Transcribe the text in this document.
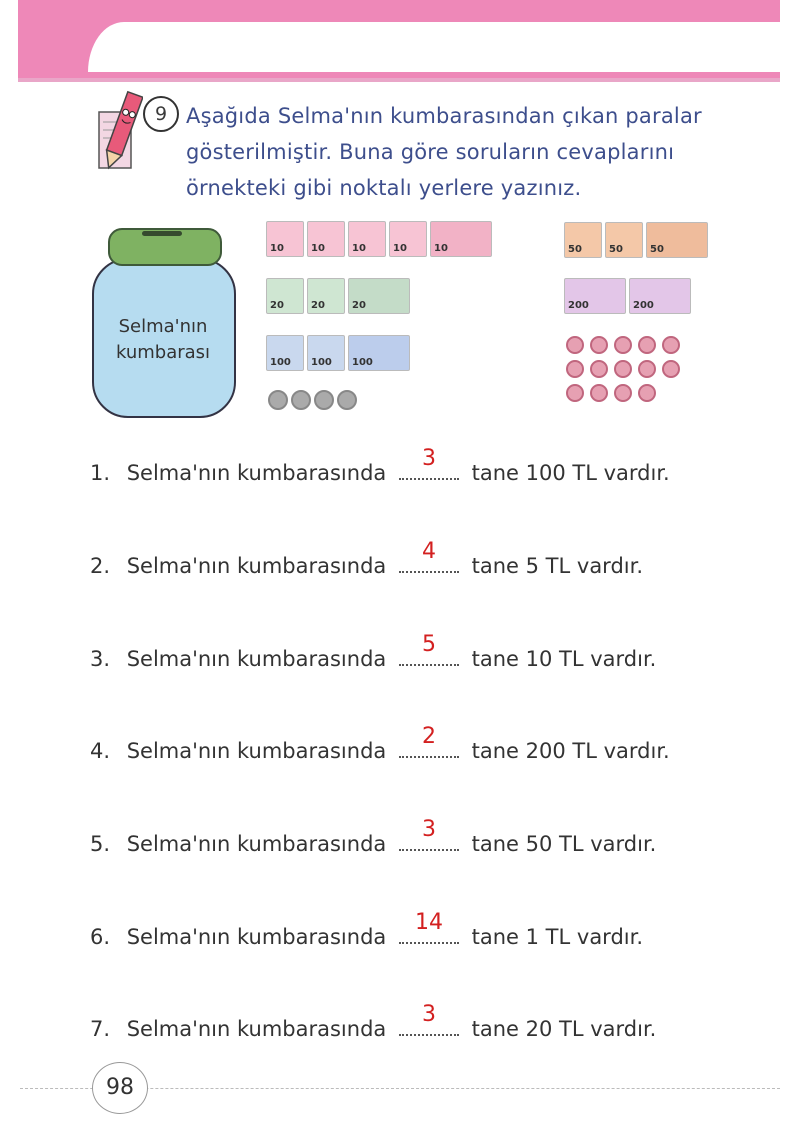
9 Aşağıda Selma'nın kumbarasından çıkan paralar gösterilmiştir. Buna göre soruların cevaplarını örnekteki gibi noktalı yerlere yazınız.
Selma'nın
kumbarası
10	10	10	10	10
20	20	20
100 100 100
50	50	50
200	200
1. Selma'nın kumbarasında
3
tane 100 TL vardır.
2. Selma'nın kumbarasında
4
tane 5 TL vardır.
3. Selma'nın kumbarasında
5
tane 10 TL vardır.
4. Selma'nın kumbarasında
2
tane 200 TL vardır.
5. Selma'nın kumbarasında
3
tane 50 TL vardır.
6. Selma'nın kumbarasında
14
tane 1 TL vardır.
7. Selma'nın kumbarasında
3
tane 20 TL vardır.
98
